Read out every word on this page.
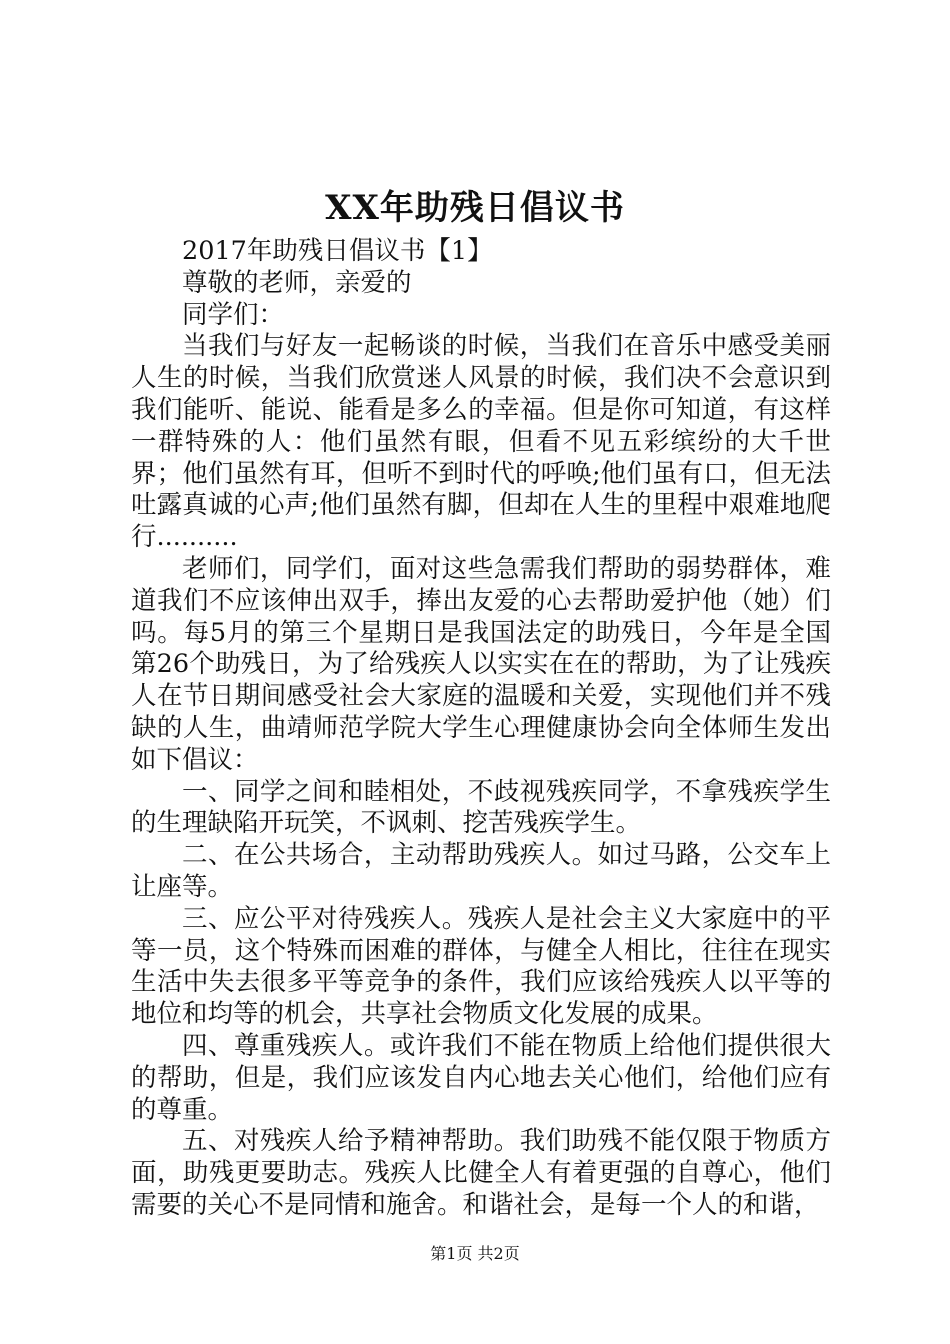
XX年助残日倡议书

2017年助残日倡议书【1】

尊敬的老师，亲爱的

同学们：

当我们与好友一起畅谈的时候，当我们在音乐中感受美丽人生的时候，当我们欣赏迷人风景的时候，我们决不会意识到我们能听、能说、能看是多么的幸福。但是你可知道，有这样一群特殊的人：他们虽然有眼，但看不见五彩缤纷的大千世界；他们虽然有耳，但听不到时代的呼唤;他们虽有口，但无法吐露真诚的心声;他们虽然有脚，但却在人生的里程中艰难地爬行..........

老师们，同学们，面对这些急需我们帮助的弱势群体，难道我们不应该伸出双手，捧出友爱的心去帮助爱护他（她）们吗。每5月的第三个星期日是我国法定的助残日，今年是全国第26个助残日，为了给残疾人以实实在在的帮助，为了让残疾人在节日期间感受社会大家庭的温暖和关爱，实现他们并不残缺的人生，曲靖师范学院大学生心理健康协会向全体师生发出如下倡议：

一、同学之间和睦相处，不歧视残疾同学，不拿残疾学生的生理缺陷开玩笑，不讽刺、挖苦残疾学生。

二、在公共场合，主动帮助残疾人。如过马路，公交车上让座等。

三、应公平对待残疾人。残疾人是社会主义大家庭中的平等一员，这个特殊而困难的群体，与健全人相比，往往在现实生活中失去很多平等竞争的条件，我们应该给残疾人以平等的地位和均等的机会，共享社会物质文化发展的成果。

四、尊重残疾人。或许我们不能在物质上给他们提供很大的帮助，但是，我们应该发自内心地去关心他们，给他们应有的尊重。

五、对残疾人给予精神帮助。我们助残不能仅限于物质方面，助残更要助志。残疾人比健全人有着更强的自尊心，他们需要的关心不是同情和施舍。和谐社会，是每一个人的和谐，

第1页 共2页
